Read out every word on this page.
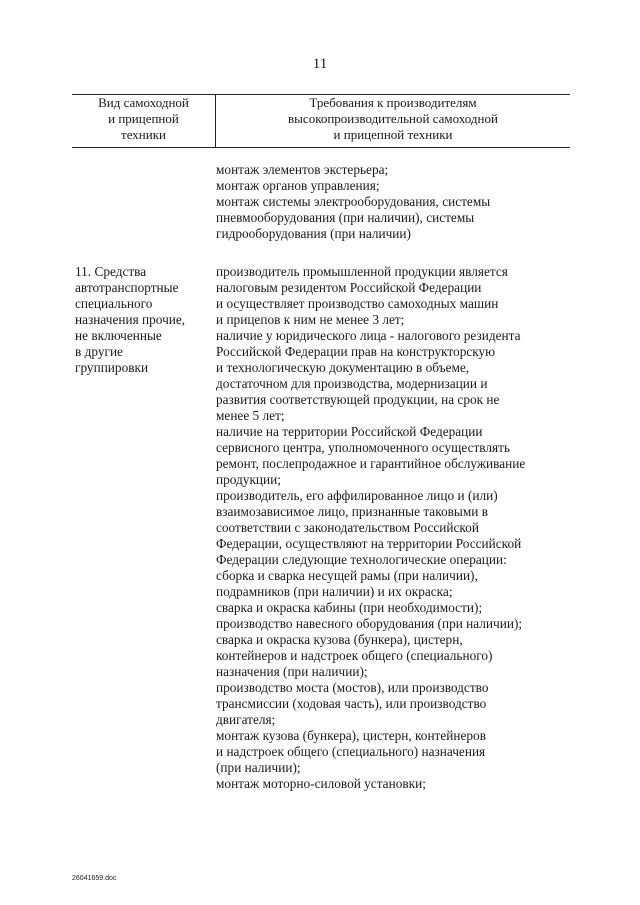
11
Вид самоходной
и прицепной
техники
Требования к производителям
высокопроизводительной самоходной
и прицепной техники
монтаж элементов экстерьера;
монтаж органов управления;
монтаж системы электрооборудования, системы
пневмооборудования (при наличии), системы
гидрооборудования (при наличии)
11. Средства
автотранспортные
специального
назначения прочие,
не включенные
в другие
группировки
производитель промышленной продукции является
налоговым резидентом Российской Федерации
и осуществляет производство самоходных машин
и прицепов к ним не менее 3 лет;
наличие у юридического лица - налогового резидента
Российской Федерации прав на конструкторскую
и технологическую документацию в объеме,
достаточном для производства, модернизации и
развития соответствующей продукции, на срок не
менее 5 лет;
наличие на территории Российской Федерации
сервисного центра, уполномоченного осуществлять
ремонт, послепродажное и гарантийное обслуживание
продукции;
производитель, его аффилированное лицо и (или)
взаимозависимое лицо, признанные таковыми в
соответствии с законодательством Российской
Федерации, осуществляют на территории Российской
Федерации следующие технологические операции:
сборка и сварка несущей рамы (при наличии),
подрамников (при наличии) и их окраска;
сварка и окраска кабины (при необходимости);
производство навесного оборудования (при наличии);
сварка и окраска кузова (бункера), цистерн,
контейнеров и надстроек общего (специального)
назначения (при наличии);
производство моста (мостов), или производство
трансмиссии (ходовая часть), или производство
двигателя;
монтаж кузова (бункера), цистерн, контейнеров
и надстроек общего (специального) назначения
(при наличии);
монтаж моторно-силовой установки;
26041659.doc
